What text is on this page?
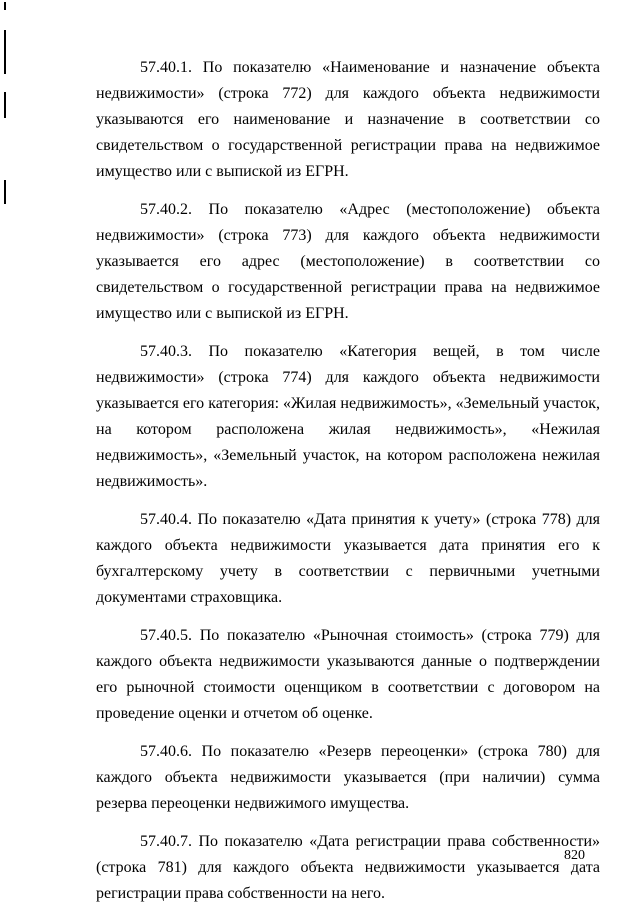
57.40.1. По показателю «Наименование и назначение объекта недвижимости» (строка 772) для каждого объекта недвижимости указываются его наименование и назначение в соответствии со свидетельством о государственной регистрации права на недвижимое имущество или с выпиской из ЕГРН.

57.40.2. По показателю «Адрес (местоположение) объекта недвижимости» (строка 773) для каждого объекта недвижимости указывается его адрес (местоположение) в соответствии со свидетельством о государственной регистрации права на недвижимое имущество или с выпиской из ЕГРН.

57.40.3. По показателю «Категория вещей, в том числе недвижимости» (строка 774) для каждого объекта недвижимости указывается его категория: «Жилая недвижимость», «Земельный участок, на котором расположена жилая недвижимость», «Нежилая недвижимость», «Земельный участок, на котором расположена нежилая недвижимость».

57.40.4. По показателю «Дата принятия к учету» (строка 778) для каждого объекта недвижимости указывается дата принятия его к бухгалтерскому учету в соответствии с первичными учетными документами страховщика.

57.40.5. По показателю «Рыночная стоимость» (строка 779) для каждого объекта недвижимости указываются данные о подтверждении его рыночной стоимости оценщиком в соответствии с договором на проведение оценки и отчетом об оценке.

57.40.6. По показателю «Резерв переоценки» (строка 780) для каждого объекта недвижимости указывается (при наличии) сумма резерва переоценки недвижимого имущества.

57.40.7. По показателю «Дата регистрации права собственности» (строка 781) для каждого объекта недвижимости указывается дата регистрации права собственности на него.

820
